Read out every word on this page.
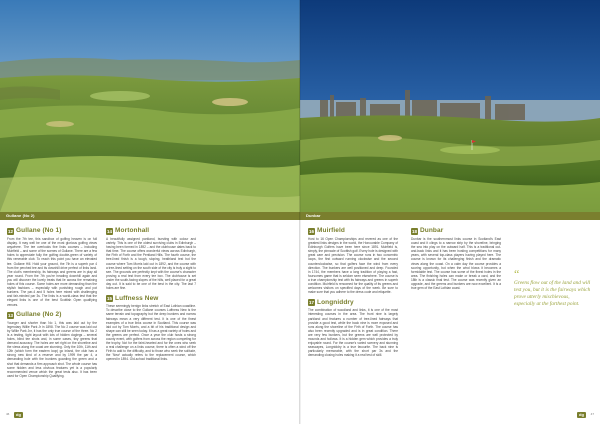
Gullane (No 2)
12 Gullane (No 1)
From the 7th tee, this sandbox of golfing heaven is on full display. It may well be one of the most glorious golfing views anywhere. The tee overlooks five links courses – including Muirfield – and some of the scenes of Gullane. There are a few holes to appreciate fully the golfing double-green of variety of this venerable club. To reach this point you have an elevated tee. Gullane Hill. Hold your ground, the 7th is a superb par 4 from the perched tee and its downhill drive perfect of links land. The club’s membership, its fairways and greens are in play all year round. From the 7th you’re heading downhill again and you will discover the lovely treats that lie across the remaining holes of this course. Some holes are more demanding than the stylish fashions – especially with punishing rough and pot bunkers. The par-4 and 5 holes here mixed with challenging and fair-minded par 3s. The links is a world-class test that the elegant links is one of the best Scottish Open qualifying venues.
13 Gullane (No 2)
Younger and shorter than No 1, this was laid out by the legendary Willie Park Jr in 1898. The No 2 course was laid out by Willie Park Jnr, it has the only true course of the three. No 2 is a testing, tight layout with lots of hidden doglegs – several holes, blind tee shots and, in some cases, tiny greens that demand accuracy. The holes are set right on the shoreline and the views along the coast are stunning. Only the 10th, 11th and 12th (which form the eastern loop) go inland, the club has a strong new kind of a reserve and by 1999 the par 4, a demanding hole with the bunkers guarding the green and a shot that demands a firm approach shot. The whole course has some hidden and less obvious features yet is a popularly recommended venue which the great tests also. It has been used for Open Championship Qualifying.
14 Mortonhall
A beautifully assigned parkland, bursting with colour and variety. This is one of the oldest surviving clubs in Edinburgh – having been formed in 1892 – and the clubhouse dates back to that time. The course offers wonderful views across Edinburgh, the Firth of Forth and the Pentland Hills. The fourth course, the tree-lined finish is a tough, sloping, heathland test but the course where Tom Morris laid out in 1892, and the course with a tree-lined setting on the south side of the city is truly a sight to see. The grounds are perfectly kept with the course’s character proving a real test from every tee box. The clubhouse is set under the south-facing slopes of the hills, well placed for a great day out. It is said to be one of the best in the city. The last 7 holes are fine.
15 Luffness New
These seemingly benign links stretch of East Lothian coastline. To describe close to the Gullane courses Luffness New is the same terrain and topography but the deep bunkers and narrow fairways mean a very different test. It is one of the finest examples of a true links course in Scotland. This course was laid out by Tom Morris, and a bit of his traditional design and shape can still be seen today. It has a great variety of holes and the greens are perfect. Once a year the club hosts a strong county event, with golfers from across the region competing for the trophy. Not for the faint-hearted and for the ones who seek a real challenge on a links course, there is often a wind off the Firth to add to the difficulty, and to those who seek the solitude, the 'New' actually refers to the replacement course, which opened in 1894. Old-school traditional links.
46	dg
Dunbar
16 Muirfield
Host to 16 Open Championships and revered as one of the greatest links designs in the world, the Honourable Company of Edinburgh Golfers have been here since 1891. Muirfield is, simply, the pinnacle of Scottish golf. Every hole is designed with great care and precision. The course runs in two concentric loops, the first outward running clockwise and the second counterclockwise, so that golfers face the wind from every direction. The bunkers are well positioned and deep. Founded in 1744, the members have a long tradition of playing a fast, foursomes game that is seldom seen elsewhere. The course is a true championship test with its fairways and greens in superb condition. Muirfield is renowned for the quality of its greens and welcomes visitors on specified days of the week. Be sure to make sure that you adhere to the dress code and etiquette.
17 Longniddry
The combination of woodland and links, it is one of the most interesting courses in the area. The front nine is largely parkland and features a number of tree-lined fairways that provide a good test, while the back nine is more exposed and runs along the shoreline of the Firth of Forth. The course has also been recently upgraded and is in great condition. There are very few bunkers, but the greens are well protected by mounds and hollows. It is a hidden gem which provides a truly enjoyable round. For the course’s varied scenery and stunning seascapes, Longniddry is a true favourite. The back nine is particularly memorable, with the short par 3s and the demanding closing holes making it a real test of skill.
18 Dunbar
Dunbar is the southernmost links course in Scotland’s East coast and it clings to a narrow strip by the shoreline, bringing the sea into play on the outward half. This is a traditional out-and-back links and it has been hosting competitions for many years, with several top-class players having played here. The course is known for its challenging finish and the dramatic views along the coast. On a calm day the course provides a scoring opportunity, but when the wind blows it becomes a formidable test. The course has some of the finest holes in the area. The finishing holes can make or break a card, and the 18th is a classic final test. The course was recently given an upgrade, and the greens and bunkers are now excellent. It is a true gem of the East Lothian coast.
“
Greens flow out of the land and will test you, but it is the fairways which prove utterly mischievous, especially at the farthest point.
47
dg
